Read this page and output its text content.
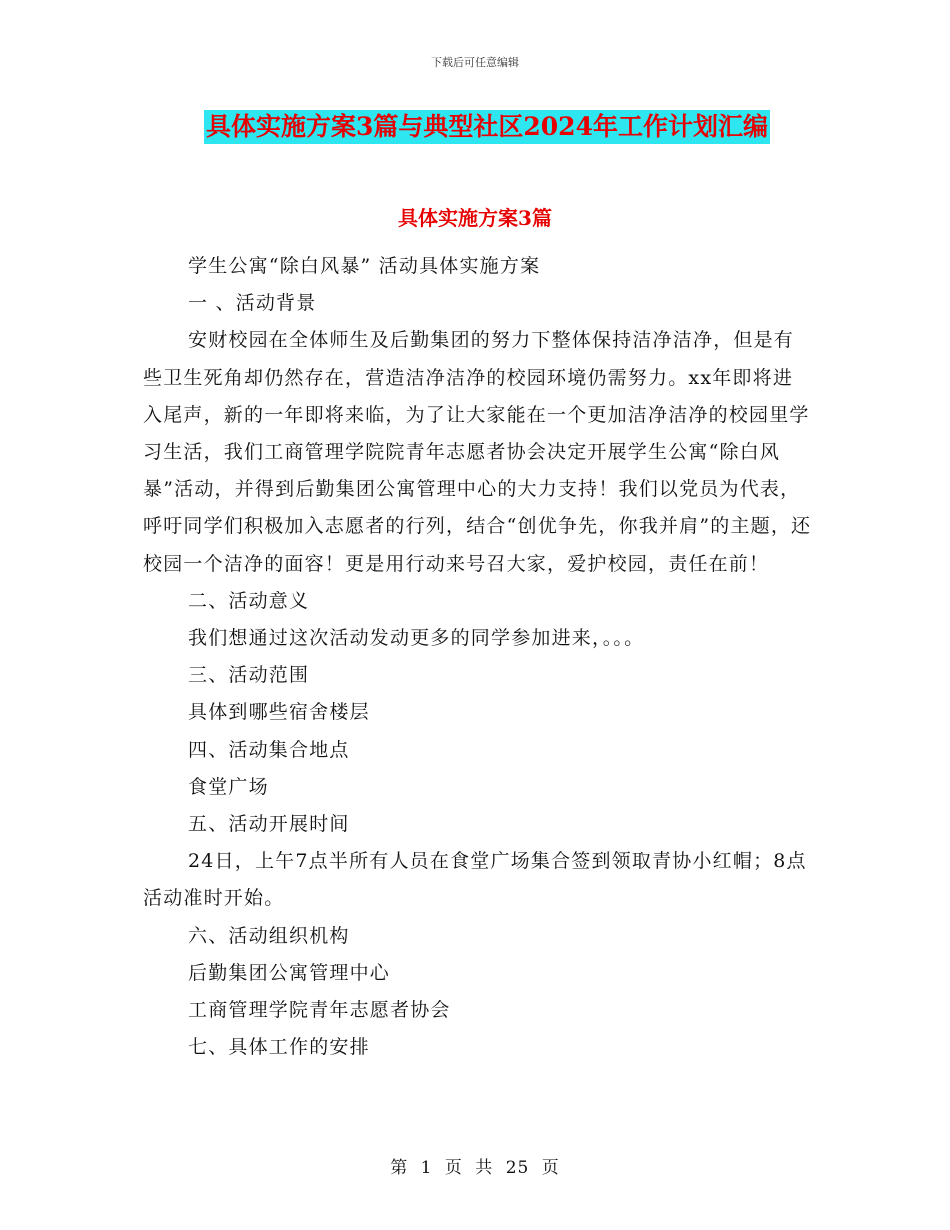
下载后可任意编辑
具体实施方案3篇与典型社区2024年工作计划汇编
具体实施方案3篇

学生公寓“除白风暴” 活动具体实施方案

一 、活动背景

安财校园在全体师生及后勤集团的努力下整体保持洁净洁净，但是有些卫生死角却仍然存在，营造洁净洁净的校园环境仍需努力。xx年即将进入尾声，新的一年即将来临，为了让大家能在一个更加洁净洁净的校园里学习生活，我们工商管理学院院青年志愿者协会决定开展学生公寓“除白风暴”活动，并得到后勤集团公寓管理中心的大力支持！我们以党员为代表，呼吁同学们积极加入志愿者的行列，结合“创优争先，你我并肩”的主题，还校园一个洁净的面容！更是用行动来号召大家，爱护校园，责任在前！

二、活动意义

我们想通过这次活动发动更多的同学参加进来，。。。

三、活动范围

具体到哪些宿舍楼层

四、活动集合地点

食堂广场

五、活动开展时间

24日，上午7点半所有人员在食堂广场集合签到领取青协小红帽；8点活动准时开始。

六、活动组织机构

后勤集团公寓管理中心

工商管理学院青年志愿者协会

七、具体工作的安排

第 1 页 共 25 页
